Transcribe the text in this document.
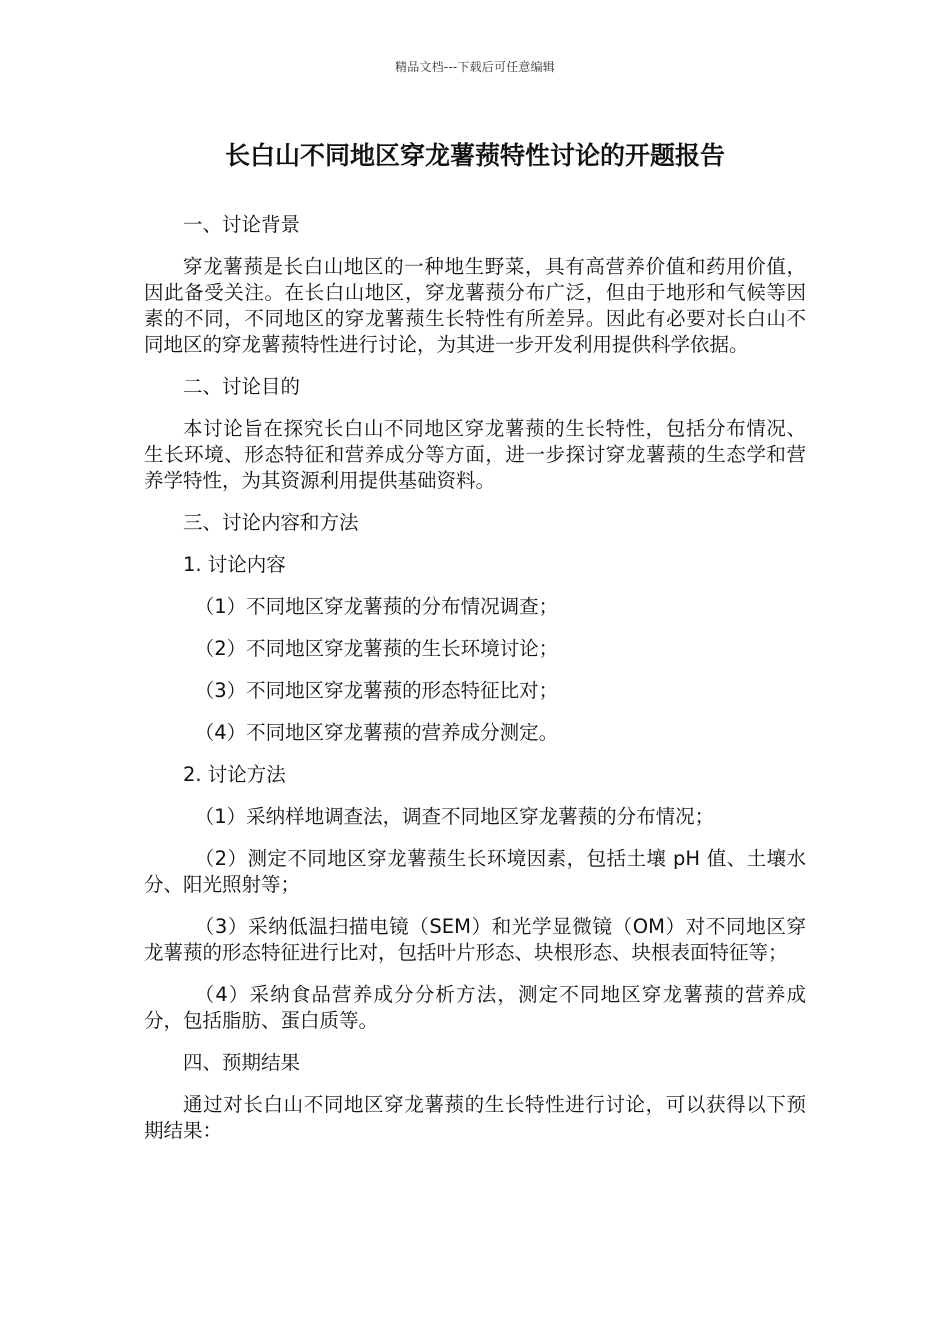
精品文档---下载后可任意编辑
长白山不同地区穿龙薯蓣特性讨论的开题报告

一、讨论背景

穿龙薯蓣是长白山地区的一种地生野菜，具有高营养价值和药用价值，因此备受关注。在长白山地区，穿龙薯蓣分布广泛，但由于地形和气候等因素的不同，不同地区的穿龙薯蓣生长特性有所差异。因此有必要对长白山不同地区的穿龙薯蓣特性进行讨论，为其进一步开发利用提供科学依据。

二、讨论目的

本讨论旨在探究长白山不同地区穿龙薯蓣的生长特性，包括分布情况、生长环境、形态特征和营养成分等方面，进一步探讨穿龙薯蓣的生态学和营养学特性，为其资源利用提供基础资料。

三、讨论内容和方法

1. 讨论内容

（1）不同地区穿龙薯蓣的分布情况调查；

（2）不同地区穿龙薯蓣的生长环境讨论；

（3）不同地区穿龙薯蓣的形态特征比对；

（4）不同地区穿龙薯蓣的营养成分测定。

2. 讨论方法

（1）采纳样地调查法，调查不同地区穿龙薯蓣的分布情况；

（2）测定不同地区穿龙薯蓣生长环境因素，包括土壤 pH 值、土壤水分、阳光照射等；

（3）采纳低温扫描电镜（SEM）和光学显微镜（OM）对不同地区穿龙薯蓣的形态特征进行比对，包括叶片形态、块根形态、块根表面特征等；

（4）采纳食品营养成分分析方法，测定不同地区穿龙薯蓣的营养成分，包括脂肪、蛋白质等。

四、预期结果

通过对长白山不同地区穿龙薯蓣的生长特性进行讨论，可以获得以下预期结果：
